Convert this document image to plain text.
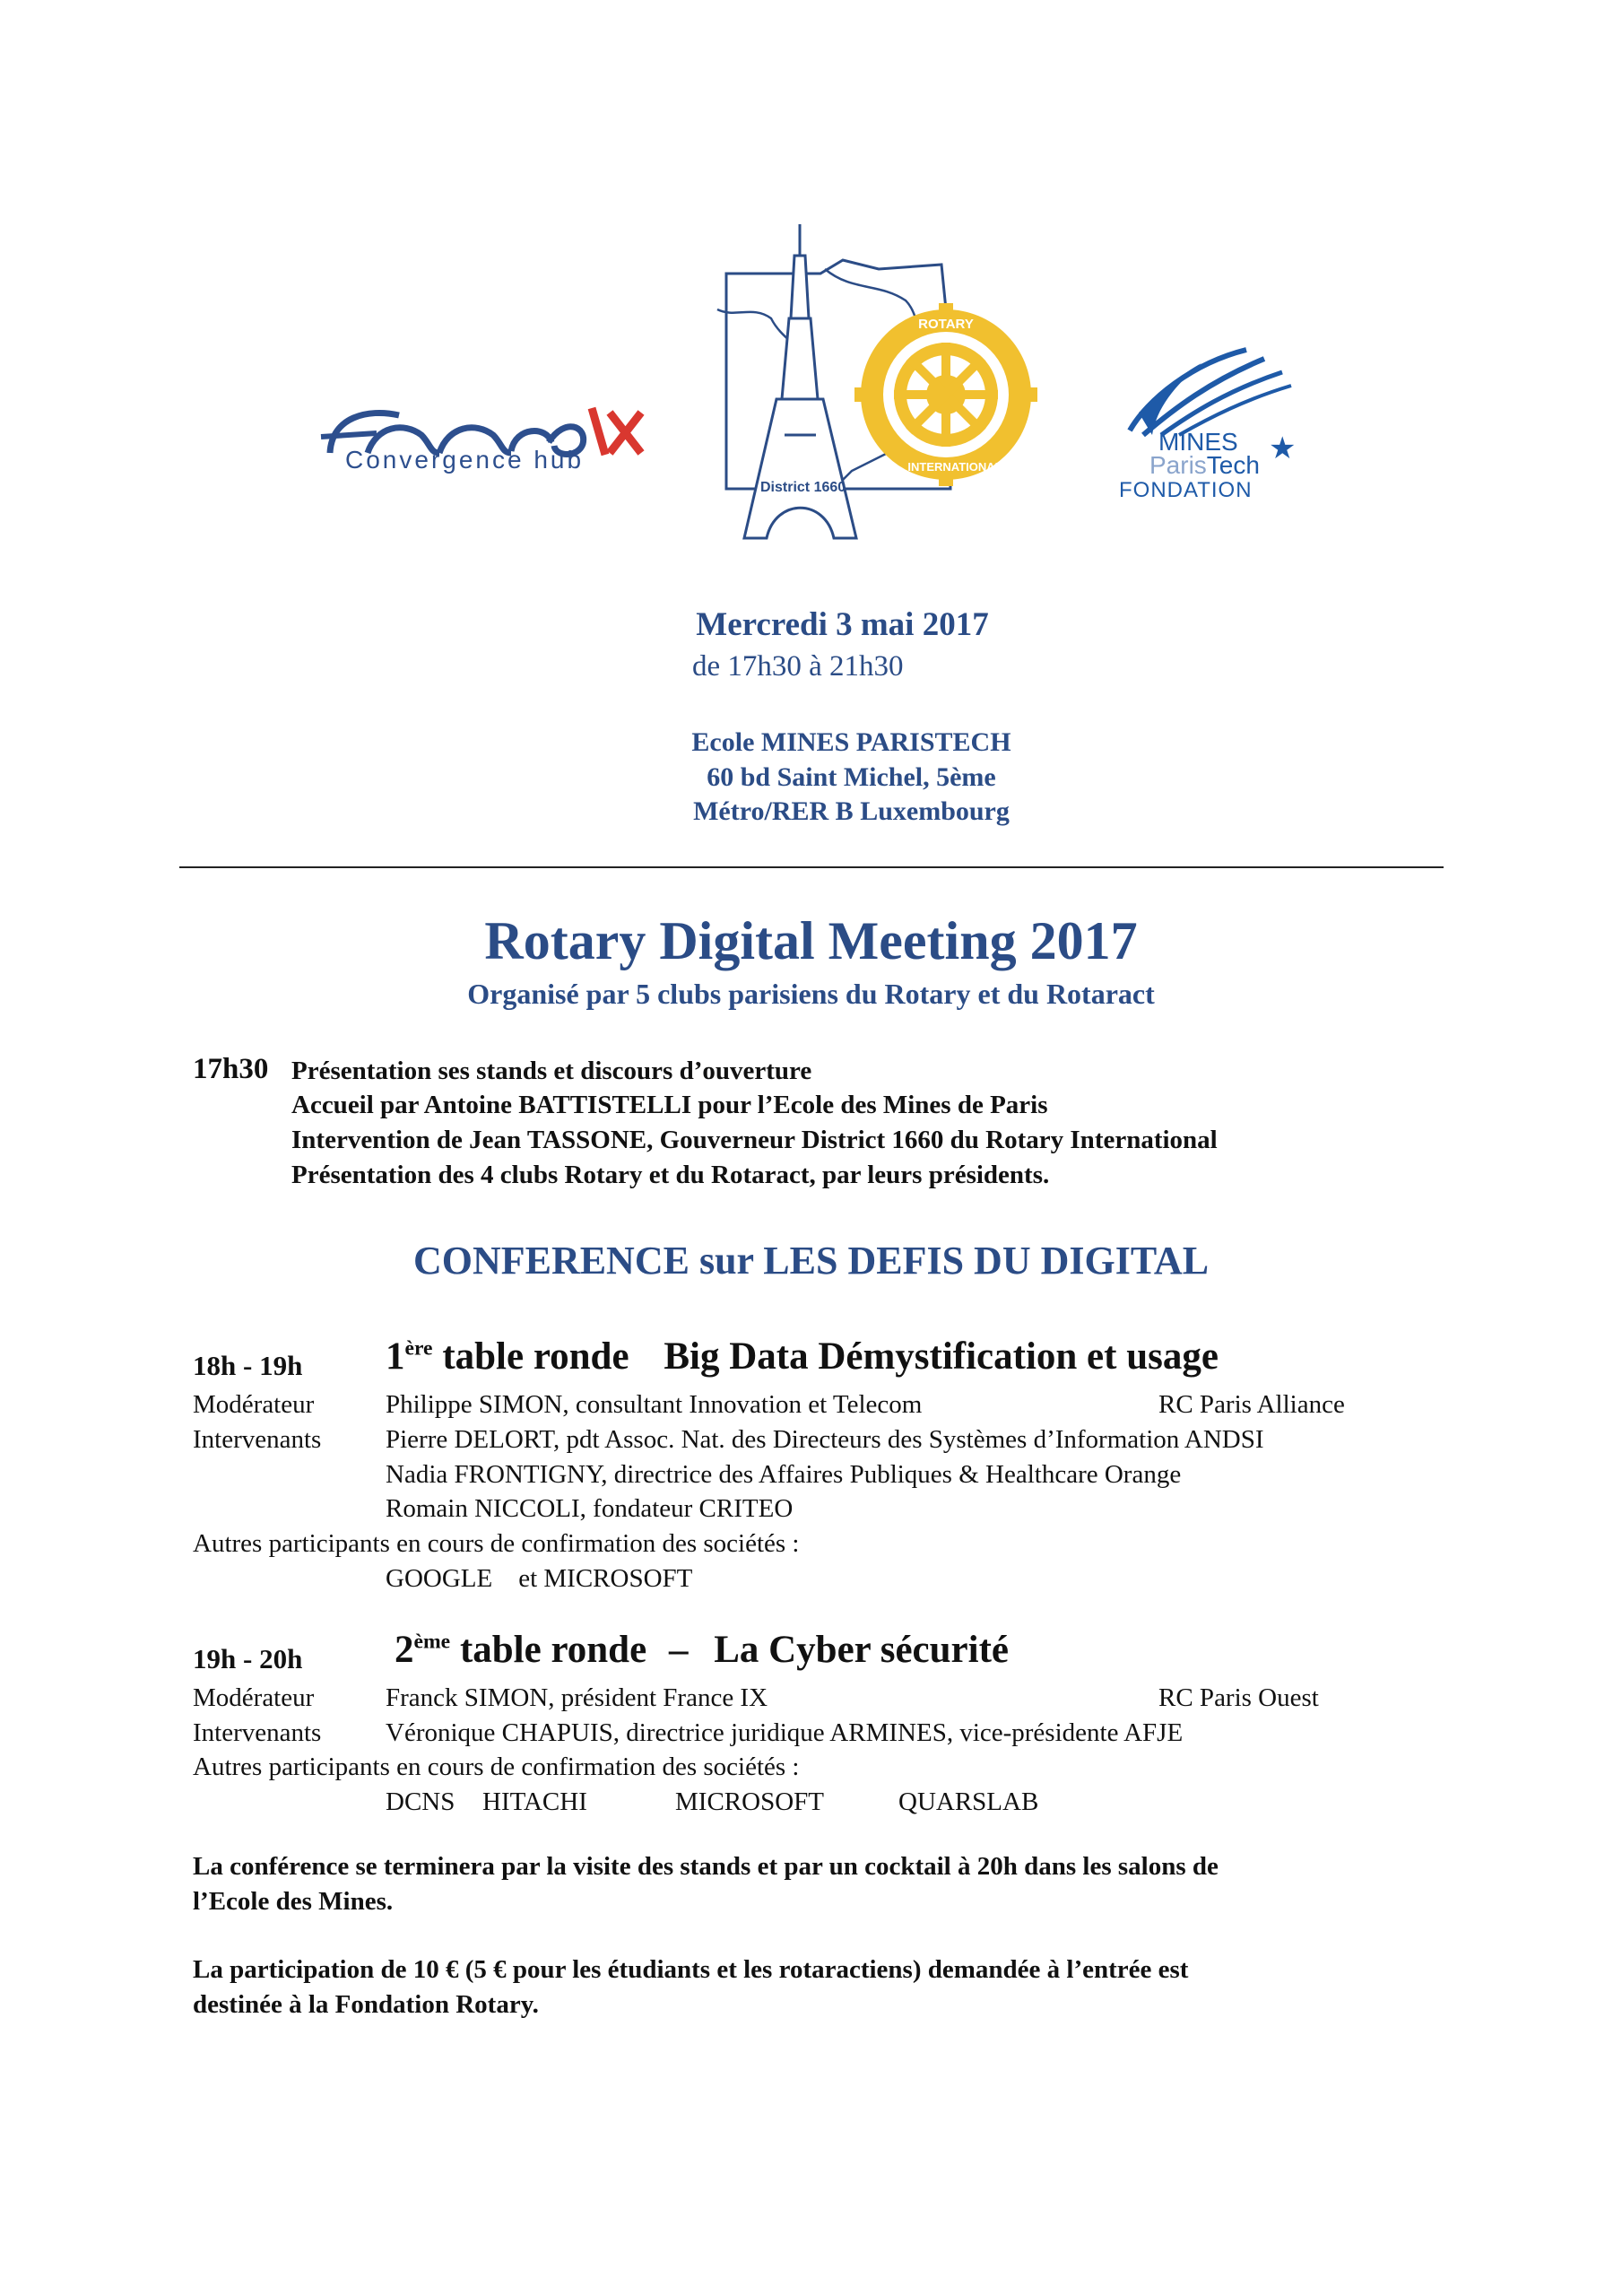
Convergence hub
ROTARY
INTERNATIONAL
District 1660
★
MINES
ParisTech
FONDATION
Mercredi 3 mai 2017
de 17h30 à 21h30
Ecole MINES PARISTECH
60 bd Saint Michel, 5ème
Métro/RER B Luxembourg
Rotary Digital Meeting 2017
Organisé par 5 clubs parisiens du Rotary et du Rotaract
17h30 Présentation ses stands et discours d’ouverture
Accueil par Antoine BATTISTELLI pour l’Ecole des Mines de Paris
Intervention de Jean TASSONE, Gouverneur District 1660 du Rotary International
Présentation des 4 clubs Rotary et du Rotaract, par leurs présidents.
CONFERENCE sur LES DEFIS DU DIGITAL
18h - 19h 1ère table ronde Big Data Démystification et usage
Modérateur	Philippe SIMON, consultant Innovation et Telecom	RC Paris Alliance
Intervenants Pierre DELORT, pdt Assoc. Nat. des Directeurs des Systèmes d’Information ANDSI
Nadia FRONTIGNY, directrice des Affaires Publiques & Healthcare Orange
Romain NICCOLI, fondateur CRITEO
Autres participants en cours de confirmation des sociétés :
GOOGLE    et MICROSOFT
19h - 20h 2ème table ronde – La Cyber sécurité
Modérateur	Franck SIMON, président France IX	RC Paris Ouest
Intervenants Véronique CHAPUIS, directrice juridique ARMINES, vice-présidente AFJE
Autres participants en cours de confirmation des sociétés :
DCNS HITACHI	MICROSOFT	QUARSLAB
La conférence se terminera par la visite des stands et par un cocktail à 20h dans les salons de
l’Ecole des Mines.
La participation de 10 € (5 € pour les étudiants et les rotaractiens) demandée à l’entrée est
destinée à la Fondation Rotary.
